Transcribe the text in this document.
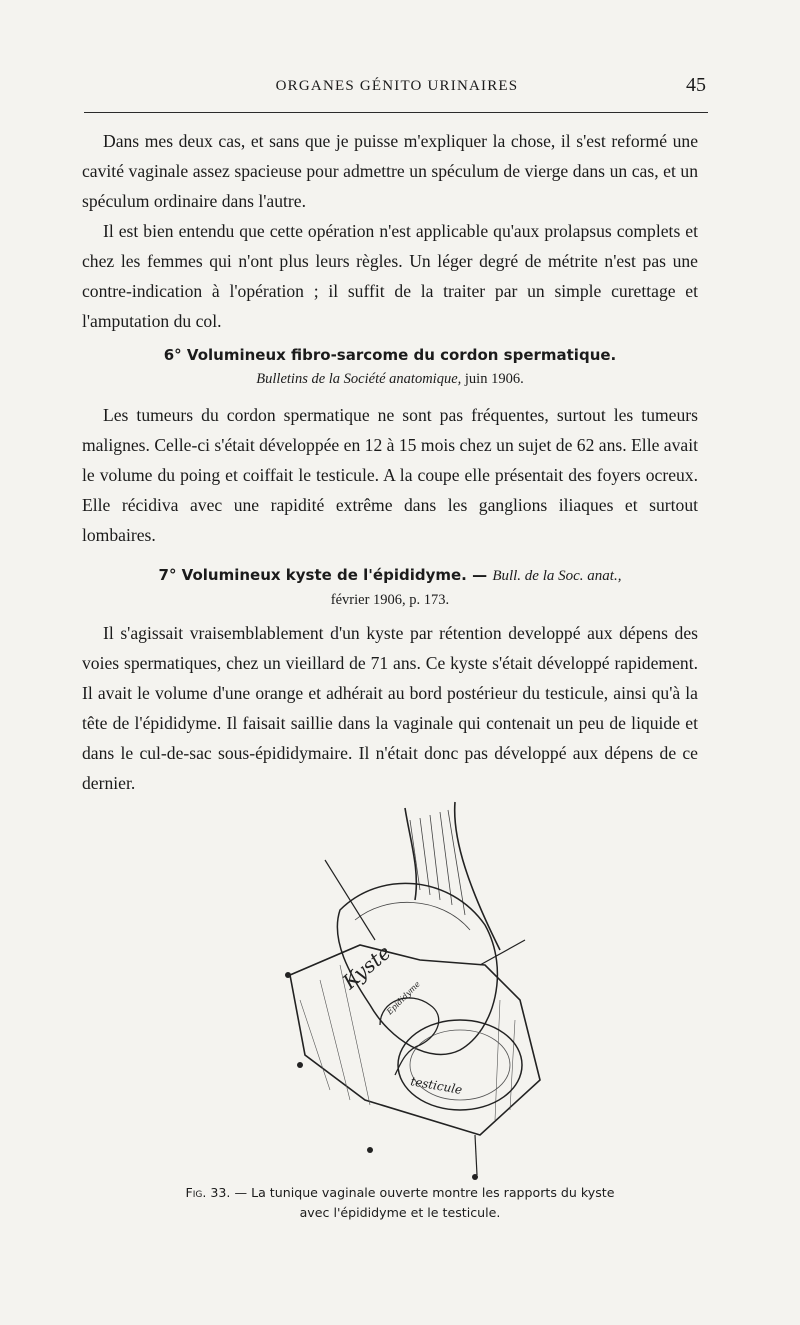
ORGANES GÉNITO URINAIRES	45

Dans mes deux cas, et sans que je puisse m'expliquer la chose, il s'est reformé une cavité vaginale assez spacieuse pour admettre un spéculum de vierge dans un cas, et un spéculum ordinaire dans l'autre.

Il est bien entendu que cette opération n'est applicable qu'aux prolapsus complets et chez les femmes qui n'ont plus leurs règles. Un léger degré de métrite n'est pas une contre-indication à l'opération ; il suffit de la traiter par un simple curettage et l'amputation du col.

6° Volumineux fibro-sarcome du cordon spermatique.
Bulletins de la Société anatomique, juin 1906.

Les tumeurs du cordon spermatique ne sont pas fréquentes, surtout les tumeurs malignes. Celle-ci s'était développée en 12 à 15 mois chez un sujet de 62 ans. Elle avait le volume du poing et coiffait le testicule. A la coupe elle présentait des foyers ocreux. Elle récidiva avec une rapidité extrême dans les ganglions iliaques et surtout lombaires.

7° Volumineux kyste de l'épididyme. — Bull. de la Soc. anat.,
février 1906, p. 173.

Il s'agissait vraisemblablement d'un kyste par rétention developpé aux dépens des voies spermatiques, chez un vieillard de 71 ans. Ce kyste s'était développé rapidement. Il avait le volume d'une orange et adhérait au bord postérieur du testicule, ainsi qu'à la tête de l'épididyme. Il faisait saillie dans la vaginale qui contenait un peu de liquide et dans le cul-de-sac sous-épididymaire. Il n'était donc pas développé aux dépens de ce dernier.

Kyste
Epididyme
testicule
Fig. 33. — La tunique vaginale ouverte montre les rapports du kyste
avec l'épididyme et le testicule.
